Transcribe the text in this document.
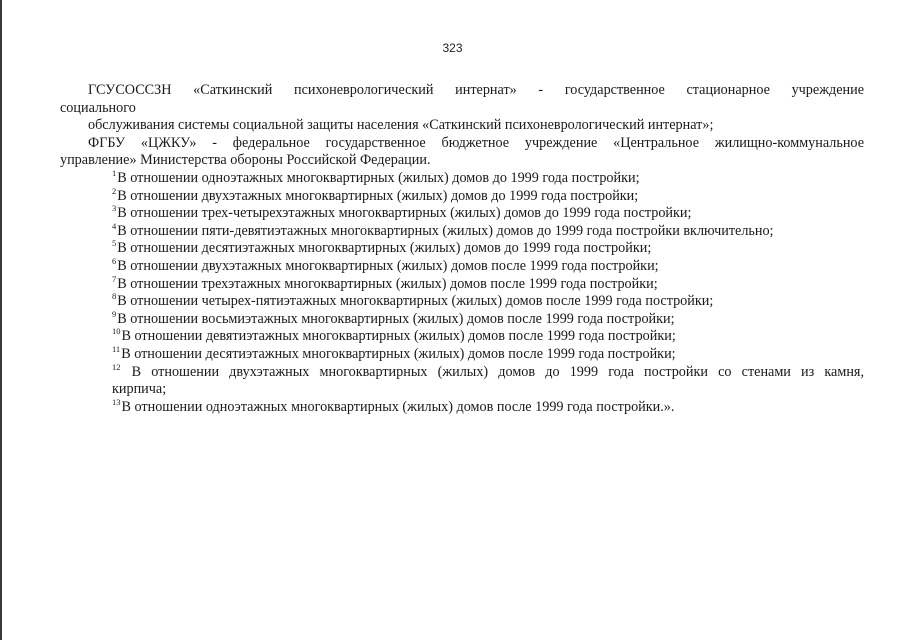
323
ГСУСОССЗН «Саткинский психоневрологический интернат» - государственное стационарное учреждение
социального
обслуживания системы социальной защиты населения «Саткинский психоневрологический интернат»;
ФГБУ «ЦЖКУ» - федеральное государственное бюджетное учреждение «Центральное жилищно-коммунальное
управление» Министерства обороны Российской Федерации.
$^1$В отношении одноэтажных многоквартирных (жилых) домов до 1999 года постройки;
$^2$В отношении двухэтажных многоквартирных (жилых) домов до 1999 года постройки;
$^3$В отношении трех-четырехэтажных многоквартирных (жилых) домов до 1999 года постройки;
$^4$В отношении пяти-девятиэтажных многоквартирных (жилых) домов до 1999 года постройки включительно;
$^5$В отношении десятиэтажных многоквартирных (жилых) домов до 1999 года постройки;
$^6$В отношении двухэтажных многоквартирных (жилых) домов после 1999 года постройки;
$^7$В отношении трехэтажных многоквартирных (жилых) домов после 1999 года постройки;
$^8$В отношении четырех-пятиэтажных многоквартирных (жилых) домов после 1999 года постройки;
$^9$В отношении восьмиэтажных многоквартирных (жилых) домов после 1999 года постройки;
$^{10}$В отношении девятиэтажных многоквартирных (жилых) домов после 1999 года постройки;
$^{11}$В отношении десятиэтажных многоквартирных (жилых) домов после 1999 года постройки;
$^{12}$ В отношении двухэтажных многоквартирных (жилых) домов до 1999 года постройки со стенами из камня,
кирпича;
$^{13}$В отношении одноэтажных многоквартирных (жилых) домов после 1999 года постройки.».
